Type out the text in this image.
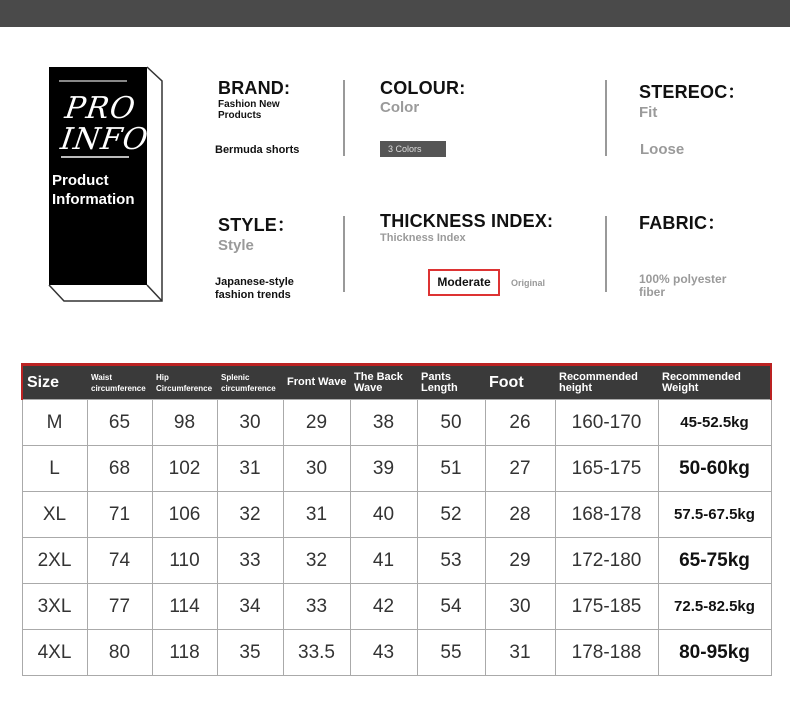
PRO
INFO
Product
Information
BRAND:
Fashion New
Products
Bermuda shorts
COLOUR:
Color
3 Colors
STEREOC：
Fit
Loose
STYLE：
Style
Japanese-style
fashion trends
THICKNESS INDEX:
Thickness Index
Moderate	Original
FABRIC：
100% polyester
fiber
Size	Waist circumference	Hip Circumference	Splenic circumference	Front Wave	The Back Wave	Pants Length	Foot	Recommended height	Recommended Weight
M	65	98	30	29	38	50	26	160-170	45-52.5kg
L	68	102	31	30	39	51	27	165-175	50-60kg
XL	71	106	32	31	40	52	28	168-178	57.5-67.5kg
2XL	74	110	33	32	41	53	29	172-180	65-75kg
3XL	77	114	34	33	42	54	30	175-185	72.5-82.5kg
4XL	80	118	35	33.5	43	55	31	178-188	80-95kg
